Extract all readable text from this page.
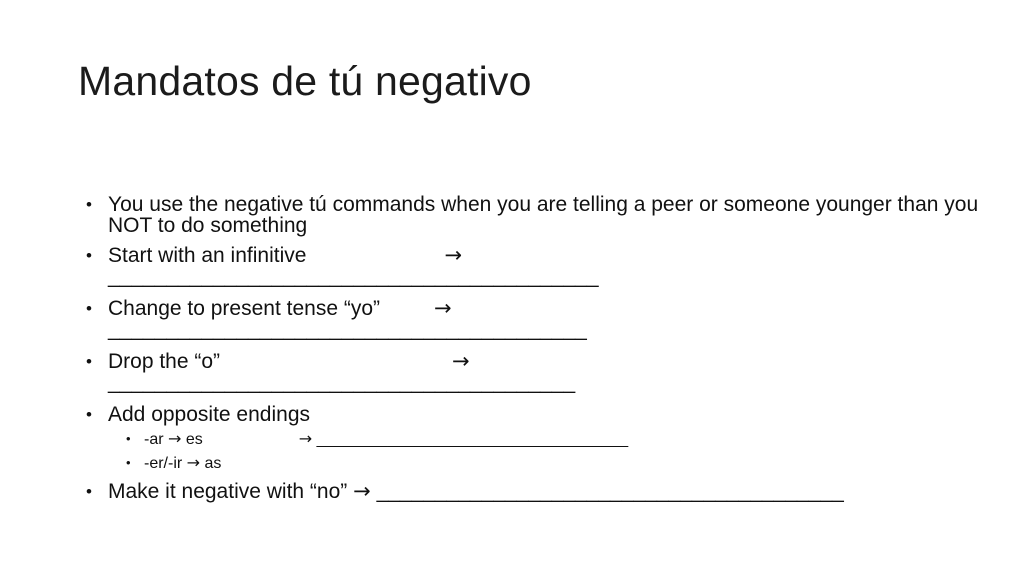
Mandatos de tú negativo
• You use the negative tú commands when you are telling a peer or someone younger than you NOT to do something
• Start with an infinitive	→
__________________________________________
• Change to present tense “yo”	→
_________________________________________
• Drop the “o”	→
________________________________________
• Add opposite endings
• -ar → es	→ ___________________________________
• -er/-ir → as
• Make it negative with “no” → ________________________________________
